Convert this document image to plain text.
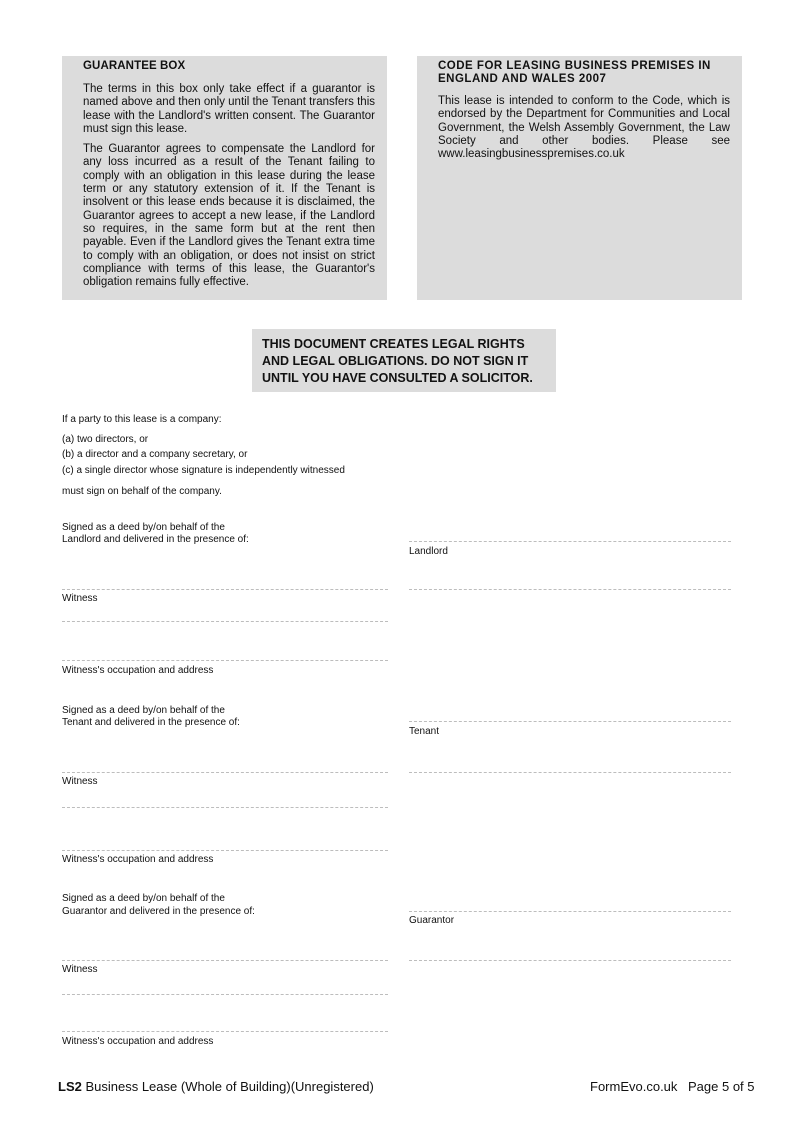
GUARANTEE BOX

The terms in this box only take effect if a guarantor is named above and then only until the Tenant transfers this lease with the Landlord's written consent. The Guarantor must sign this lease.

The Guarantor agrees to compensate the Landlord for any loss incurred as a result of the Tenant failing to comply with an obligation in this lease during the lease term or any statutory extension of it. If the Tenant is insolvent or this lease ends because it is disclaimed, the Guarantor agrees to accept a new lease, if the Landlord so requires, in the same form but at the rent then payable. Even if the Landlord gives the Tenant extra time to comply with an obligation, or does not insist on strict compliance with terms of this lease, the Guarantor's obligation remains fully effective.

CODE FOR LEASING BUSINESS PREMISES IN ENGLAND AND WALES 2007

This lease is intended to conform to the Code, which is endorsed by the Department for Communities and Local Government, the Welsh Assembly Government, the Law Society and other bodies. Please see www.leasingbusinesspremises.co.uk

THIS DOCUMENT CREATES LEGAL RIGHTS
AND LEGAL OBLIGATIONS. DO NOT SIGN IT
UNTIL YOU HAVE CONSULTED A SOLICITOR.
If a party to this lease is a company:
(a) two directors, or
(b) a director and a company secretary, or
(c) a single director whose signature is independently witnessed
must sign on behalf of the company.
Signed as a deed by/on behalf of the
Landlord and delivered in the presence of:
Landlord
Witness
Witness's occupation and address
Signed as a deed by/on behalf of the
Tenant and delivered in the presence of:
Tenant
Witness
Witness's occupation and address
Signed as a deed by/on behalf of the
Guarantor and delivered in the presence of:
Guarantor
Witness
Witness's occupation and address
LS2 Business Lease (Whole of Building)(Unregistered)	FormEvo.co.uk Page 5 of 5
